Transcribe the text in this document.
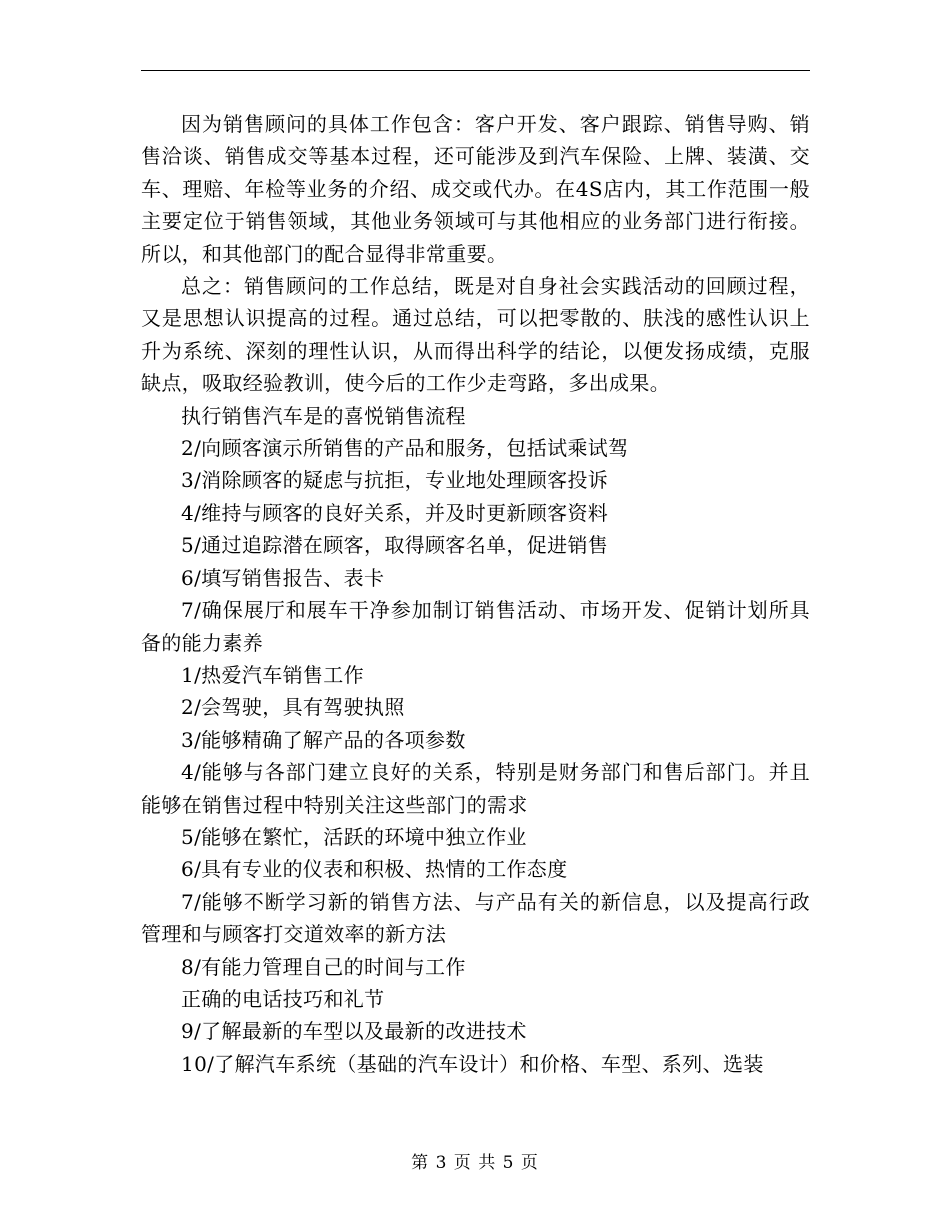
因为销售顾问的具体工作包含：客户开发、客户跟踪、销售导购、销售洽谈、销售成交等基本过程，还可能涉及到汽车保险、上牌、装潢、交车、理赔、年检等业务的介绍、成交或代办。在4S店内，其工作范围一般主要定位于销售领域，其他业务领域可与其他相应的业务部门进行衔接。所以，和其他部门的配合显得非常重要。

总之：销售顾问的工作总结，既是对自身社会实践活动的回顾过程，又是思想认识提高的过程。通过总结，可以把零散的、肤浅的感性认识上升为系统、深刻的理性认识，从而得出科学的结论，以便发扬成绩，克服缺点，吸取经验教训，使今后的工作少走弯路，多出成果。

执行销售汽车是的喜悦销售流程

2/向顾客演示所销售的产品和服务，包括试乘试驾

3/消除顾客的疑虑与抗拒，专业地处理顾客投诉

4/维持与顾客的良好关系，并及时更新顾客资料

5/通过追踪潜在顾客，取得顾客名单，促进销售

6/填写销售报告、表卡

7/确保展厅和展车干净参加制订销售活动、市场开发、促销计划所具备的能力素养

1/热爱汽车销售工作

2/会驾驶，具有驾驶执照

3/能够精确了解产品的各项参数

4/能够与各部门建立良好的关系，特别是财务部门和售后部门。并且能够在销售过程中特别关注这些部门的需求

5/能够在繁忙，活跃的环境中独立作业

6/具有专业的仪表和积极、热情的工作态度

7/能够不断学习新的销售方法、与产品有关的新信息，以及提高行政管理和与顾客打交道效率的新方法

8/有能力管理自己的时间与工作

正确的电话技巧和礼节

9/了解最新的车型以及最新的改进技术

10/了解汽车系统（基础的汽车设计）和价格、车型、系列、选装

第 3 页 共 5 页
